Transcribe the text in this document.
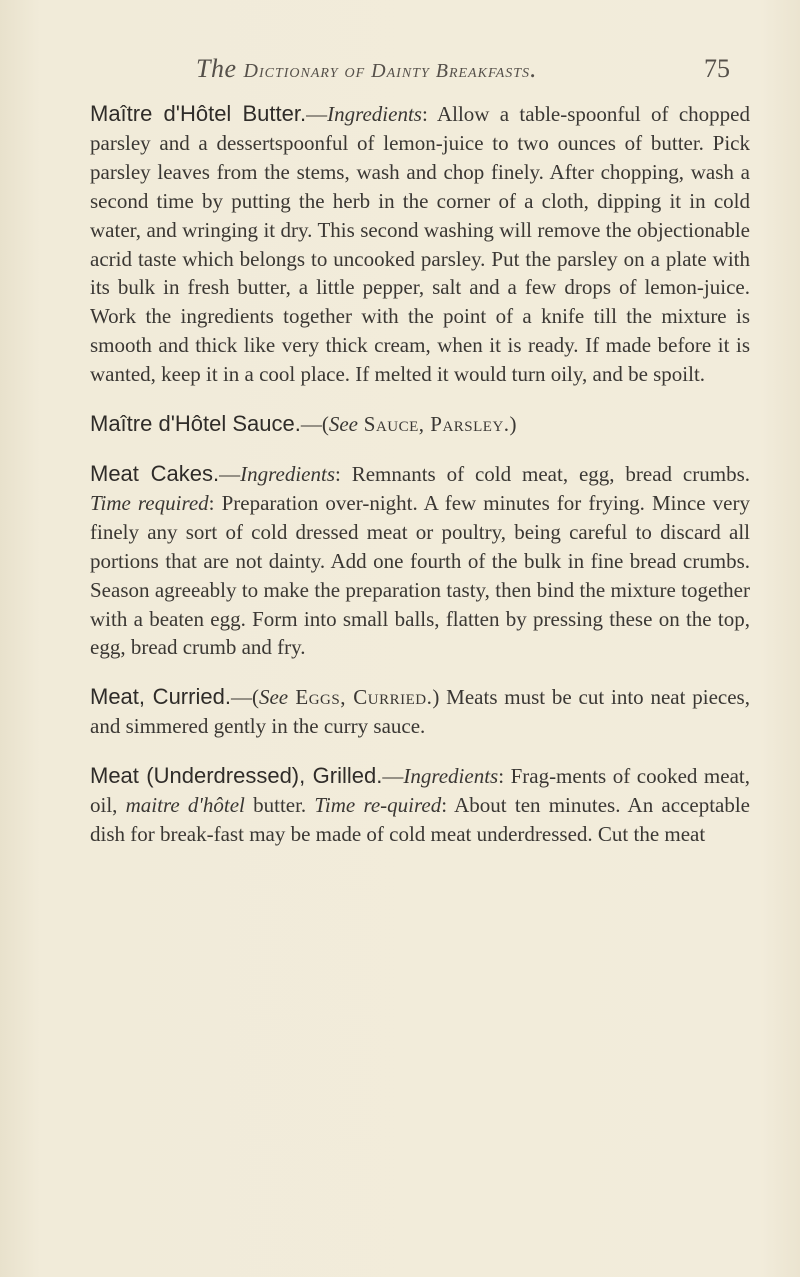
The Dictionary of Dainty Breakfasts.	75

Maître d'Hôtel Butter.—Ingredients: Allow a table-spoonful of chopped parsley and a dessertspoonful of lemon-juice to two ounces of butter. Pick parsley leaves from the stems, wash and chop finely. After chopping, wash a second time by putting the herb in the corner of a cloth, dipping it in cold water, and wringing it dry. This second washing will remove the objectionable acrid taste which belongs to uncooked parsley. Put the parsley on a plate with its bulk in fresh butter, a little pepper, salt and a few drops of lemon-juice. Work the ingredients together with the point of a knife till the mixture is smooth and thick like very thick cream, when it is ready. If made before it is wanted, keep it in a cool place. If melted it would turn oily, and be spoilt.

Maître d'Hôtel Sauce.—(See Sauce, Parsley.)

Meat Cakes.—Ingredients: Remnants of cold meat, egg, bread crumbs. Time required: Preparation over-night. A few minutes for frying. Mince very finely any sort of cold dressed meat or poultry, being careful to discard all portions that are not dainty. Add one fourth of the bulk in fine bread crumbs. Season agreeably to make the preparation tasty, then bind the mixture together with a beaten egg. Form into small balls, flatten by pressing these on the top, egg, bread crumb and fry.

Meat, Curried.—(See Eggs, Curried.) Meats must be cut into neat pieces, and simmered gently in the curry sauce.

Meat (Underdressed), Grilled.—Ingredients: Frag-ments of cooked meat, oil, maitre d'hôtel butter. Time re-quired: About ten minutes. An acceptable dish for break-fast may be made of cold meat underdressed. Cut the meat
